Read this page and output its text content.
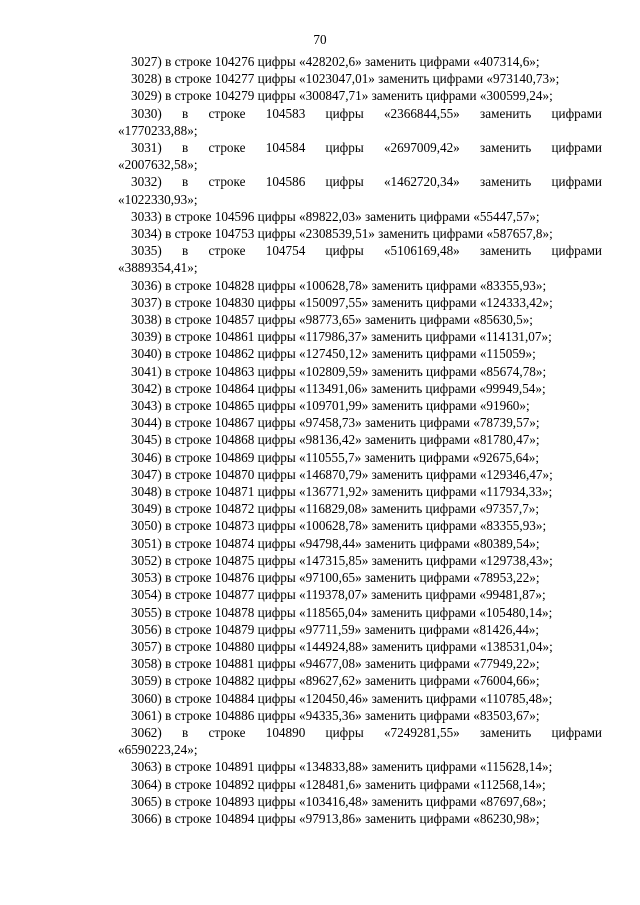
70

3027) в строке 104276 цифры «428202,6» заменить цифрами «407314,6»;

3028) в строке 104277 цифры «1023047,01» заменить цифрами «973140,73»;

3029) в строке 104279 цифры «300847,71» заменить цифрами «300599,24»;

3030) в строке 104583 цифры «2366844,55» заменить цифрами
«1770233,88»;

3031) в строке 104584 цифры «2697009,42» заменить цифрами
«2007632,58»;

3032) в строке 104586 цифры «1462720,34» заменить цифрами
«1022330,93»;

3033) в строке 104596 цифры «89822,03» заменить цифрами «55447,57»;

3034) в строке 104753 цифры «2308539,51» заменить цифрами «587657,8»;

3035) в строке 104754 цифры «5106169,48» заменить цифрами
«3889354,41»;

3036) в строке 104828 цифры «100628,78» заменить цифрами «83355,93»;

3037) в строке 104830 цифры «150097,55» заменить цифрами «124333,42»;

3038) в строке 104857 цифры «98773,65» заменить цифрами «85630,5»;

3039) в строке 104861 цифры «117986,37» заменить цифрами «114131,07»;

3040) в строке 104862 цифры «127450,12» заменить цифрами «115059»;

3041) в строке 104863 цифры «102809,59» заменить цифрами «85674,78»;

3042) в строке 104864 цифры «113491,06» заменить цифрами «99949,54»;

3043) в строке 104865 цифры «109701,99» заменить цифрами «91960»;

3044) в строке 104867 цифры «97458,73» заменить цифрами «78739,57»;

3045) в строке 104868 цифры «98136,42» заменить цифрами «81780,47»;

3046) в строке 104869 цифры «110555,7» заменить цифрами «92675,64»;

3047) в строке 104870 цифры «146870,79» заменить цифрами «129346,47»;

3048) в строке 104871 цифры «136771,92» заменить цифрами «117934,33»;

3049) в строке 104872 цифры «116829,08» заменить цифрами «97357,7»;

3050) в строке 104873 цифры «100628,78» заменить цифрами «83355,93»;

3051) в строке 104874 цифры «94798,44» заменить цифрами «80389,54»;

3052) в строке 104875 цифры «147315,85» заменить цифрами «129738,43»;

3053) в строке 104876 цифры «97100,65» заменить цифрами «78953,22»;

3054) в строке 104877 цифры «119378,07» заменить цифрами «99481,87»;

3055) в строке 104878 цифры «118565,04» заменить цифрами «105480,14»;

3056) в строке 104879 цифры «97711,59» заменить цифрами «81426,44»;

3057) в строке 104880 цифры «144924,88» заменить цифрами «138531,04»;

3058) в строке 104881 цифры «94677,08» заменить цифрами «77949,22»;

3059) в строке 104882 цифры «89627,62» заменить цифрами «76004,66»;

3060) в строке 104884 цифры «120450,46» заменить цифрами «110785,48»;

3061) в строке 104886 цифры «94335,36» заменить цифрами «83503,67»;

3062) в строке 104890 цифры «7249281,55» заменить цифрами
«6590223,24»;

3063) в строке 104891 цифры «134833,88» заменить цифрами «115628,14»;

3064) в строке 104892 цифры «128481,6» заменить цифрами «112568,14»;

3065) в строке 104893 цифры «103416,48» заменить цифрами «87697,68»;

3066) в строке 104894 цифры «97913,86» заменить цифрами «86230,98»;
